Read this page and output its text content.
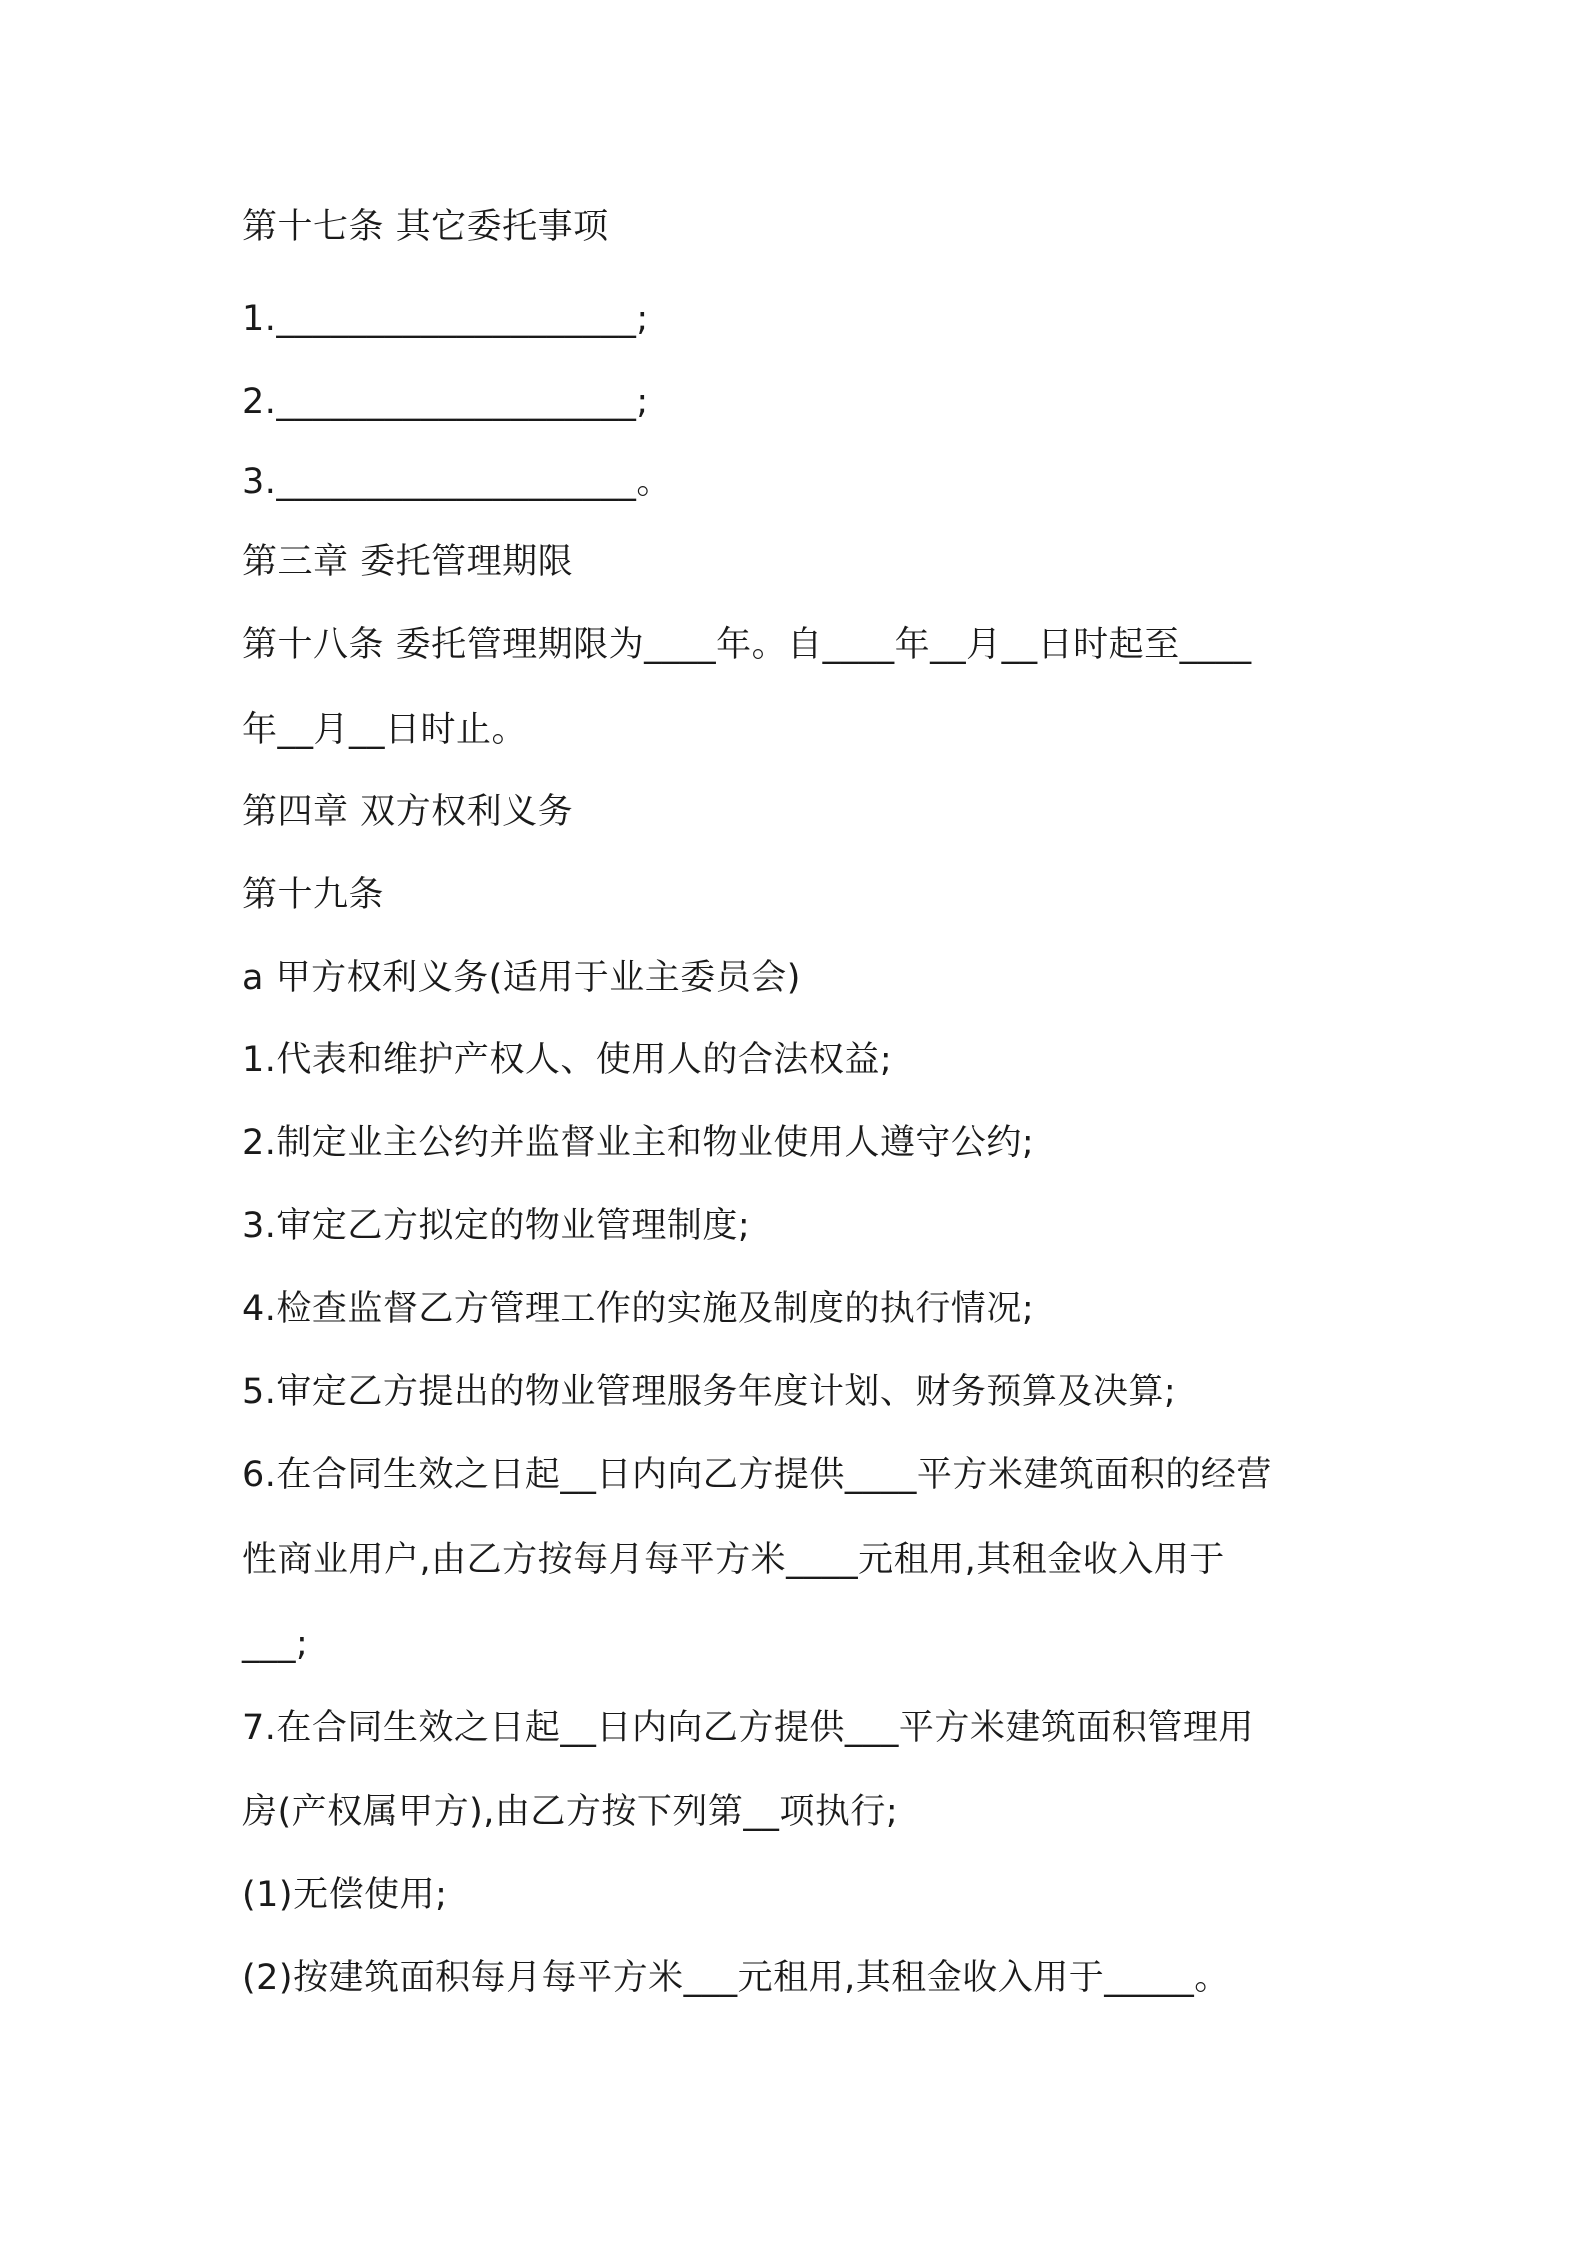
第十七条 其它委托事项
1.____________________;
2.____________________;
3.____________________。
第三章 委托管理期限
第十八条 委托管理期限为____年。自____年__月__日时起至____
年__月__日时止。
第四章 双方权利义务
第十九条
a 甲方权利义务(适用于业主委员会)
1.代表和维护产权人、使用人的合法权益;
2.制定业主公约并监督业主和物业使用人遵守公约;
3.审定乙方拟定的物业管理制度;
4.检查监督乙方管理工作的实施及制度的执行情况;
5.审定乙方提出的物业管理服务年度计划、财务预算及决算;
6.在合同生效之日起__日内向乙方提供____平方米建筑面积的经营
性商业用户,由乙方按每月每平方米____元租用,其租金收入用于
___;
7.在合同生效之日起__日内向乙方提供___平方米建筑面积管理用
房(产权属甲方),由乙方按下列第__项执行;
(1)无偿使用;
(2)按建筑面积每月每平方米___元租用,其租金收入用于_____。
